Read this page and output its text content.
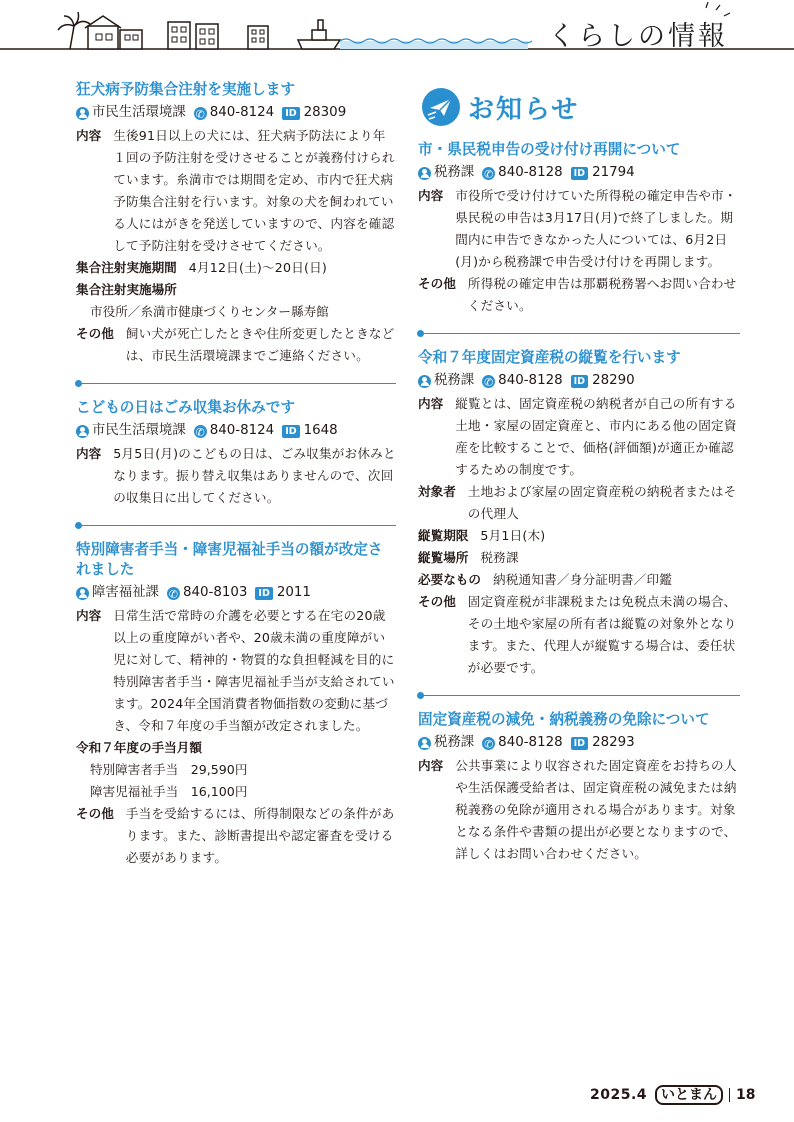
くらしの情報
狂犬病予防集合注射を実施します
市民生活環境課 ✆ 840-8124	ID 28309
内容 生後91日以上の犬には、狂犬病予防法により年１回の予防注射を受けさせることが義務付けられています。糸満市では期間を定め、市内で狂犬病予防集合注射を行います。対象の犬を飼われている人にはがきを発送していますので、内容を確認して予防注射を受けさせてください。
集合注射実施期間 4月12日(土)～20日(日)
集合注射実施場所
市役所／糸満市健康づくりセンター縣寿館
その他 飼い犬が死亡したときや住所変更したときなどは、市民生活環境課までご連絡ください。
こどもの日はごみ収集お休みです
市民生活環境課 ✆ 840-8124	ID 1648
内容 5月5日(月)のこどもの日は、ごみ収集がお休みとなります。振り替え収集はありませんので、次回の収集日に出してください。
特別障害者手当・障害児福祉手当の額が改定されました
障害福祉課 ✆ 840-8103	ID 2011
内容 日常生活で常時の介護を必要とする在宅の20歳以上の重度障がい者や、20歳未満の重度障がい児に対して、精神的・物質的な負担軽減を目的に特別障害者手当・障害児福祉手当が支給されています。2024年全国消費者物価指数の変動に基づき、令和７年度の手当額が改定されました。
令和７年度の手当月額
特別障害者手当　 29,590円
障害児福祉手当　 16,100円
その他 手当を受給するには、所得制限などの条件があります。また、診断書提出や認定審査を受ける必要があります。
お知らせ
市・県民税申告の受け付け再開について
税務課 ✆ 840-8128	ID 21794
内容 市役所で受け付けていた所得税の確定申告や市・県民税の申告は3月17日(月)で終了しました。期間内に申告できなかった人については、6月2日(月)から税務課で申告受け付けを再開します。
その他 所得税の確定申告は那覇税務署へお問い合わせください。
令和７年度固定資産税の縦覧を行います
税務課 ✆ 840-8128	ID 28290
内容 縦覧とは、固定資産税の納税者が自己の所有する土地・家屋の固定資産と、市内にある他の固定資産を比較することで、価格(評価額)が適正か確認するための制度です。
対象者 土地および家屋の固定資産税の納税者またはその代理人
縦覧期限 5月1日(木)
縦覧場所 税務課
必要なもの 納税通知書／身分証明書／印鑑
その他 固定資産税が非課税または免税点未満の場合、その土地や家屋の所有者は縦覧の対象外となります。また、代理人が縦覧する場合は、委任状が必要です。
固定資産税の減免・納税義務の免除について
税務課 ✆ 840-8128	ID 28293
内容 公共事業により収容された固定資産をお持ちの人や生活保護受給者は、固定資産税の減免または納税義務の免除が適用される場合があります。対象となる条件や書類の提出が必要となりますので、詳しくはお問い合わせください。
2025.4	いとまん	18
